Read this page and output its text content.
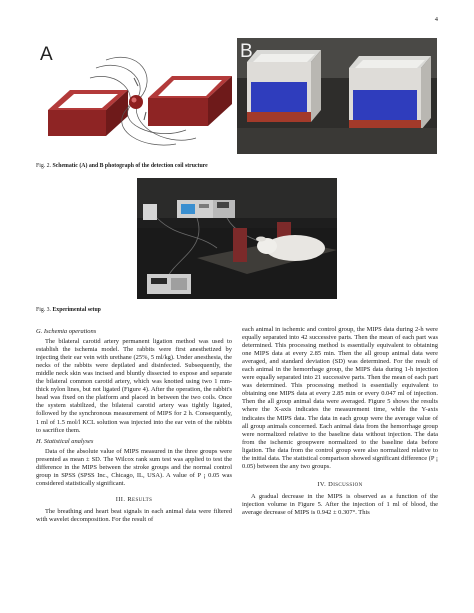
4
A	B
Fig. 2. Schematic (A) and B photograph of the detection coil structure
Fig. 3. Experimental setup
G. Ischemia operations

The bilateral carotid artery permanent ligation method was used to establish the ischemia model. The rabbits were first anesthetized by injecting their ear vein with urethane (25%, 5 ml/kg). Under anesthesia, the necks of the rabbits were depilated and disinfected. Subsequently, the middle neck skin was incised and bluntly dissected to expose and separate the bilateral common carotid artery, which was knotted using two 1 mm-thick nylon lines, but not ligated (Figure 4). After the operation, the rabbit's head was fixed on the platform and placed in between the two coils. Once the system stabilized, the bilateral carotid artery was tightly ligated, followed by the synchronous measurement of MIPS for 2 h. Consequently, 1 ml of 1.5 mol/l KCL solution was injected into the ear vein of the rabbits to sacrifice them.

H. Statistical analyses

Data of the absolute value of MIPS measured in the three groups were presented as mean ± SD. The Wilcox rank sum test was applied to test the difference in the MIPS between the stroke groups and the normal control group in SPSS (SPSS Inc., Chicago, IL, USA). A value of P ¡ 0.05 was considered statistically significant.

III. Results

The breathing and heart beat signals in each animal data were filtered with wavelet decomposition. For the result of

each animal in ischemic and control group, the MIPS data during 2-h were equally separated into 42 successive parts. Then the mean of each part was determined. This processing method is essentially equivalent to obtaining one MIPS data at every 2.85 min. Then the all group animal data were averaged, and standard deviation (SD) was determined. For the result of each animal in the hemorrhage group, the MIPS data during 1-h injection were equally separated into 21 successive parts. Then the mean of each part was determined. This processing method is essentially equivalent to obtaining one MIPS data at every 2.85 min or every 0.047 ml of injection. Then the all group animal data were averaged. Figure 5 shows the results where the X-axis indicates the measurement time, while the Y-axis indicates the MIPS data. The data in each group were the average value of all group animals concerned. Each animal data from the hemorrhage group were normalized relative to the baseline data without injection. The data from the ischemic groupwere normalized to the baseline data before ligation. The data from the control group were also normalized relative to the initial data. The statistical comparison showed significant difference (P ¡ 0.05) between the any two groups.

IV. Discussion

A gradual decrease in the MIPS is observed as a function of the injection volume in Figure 5. After the injection of 1 ml of blood, the average decrease of MIPS is 0.942 ± 0.307°. This
